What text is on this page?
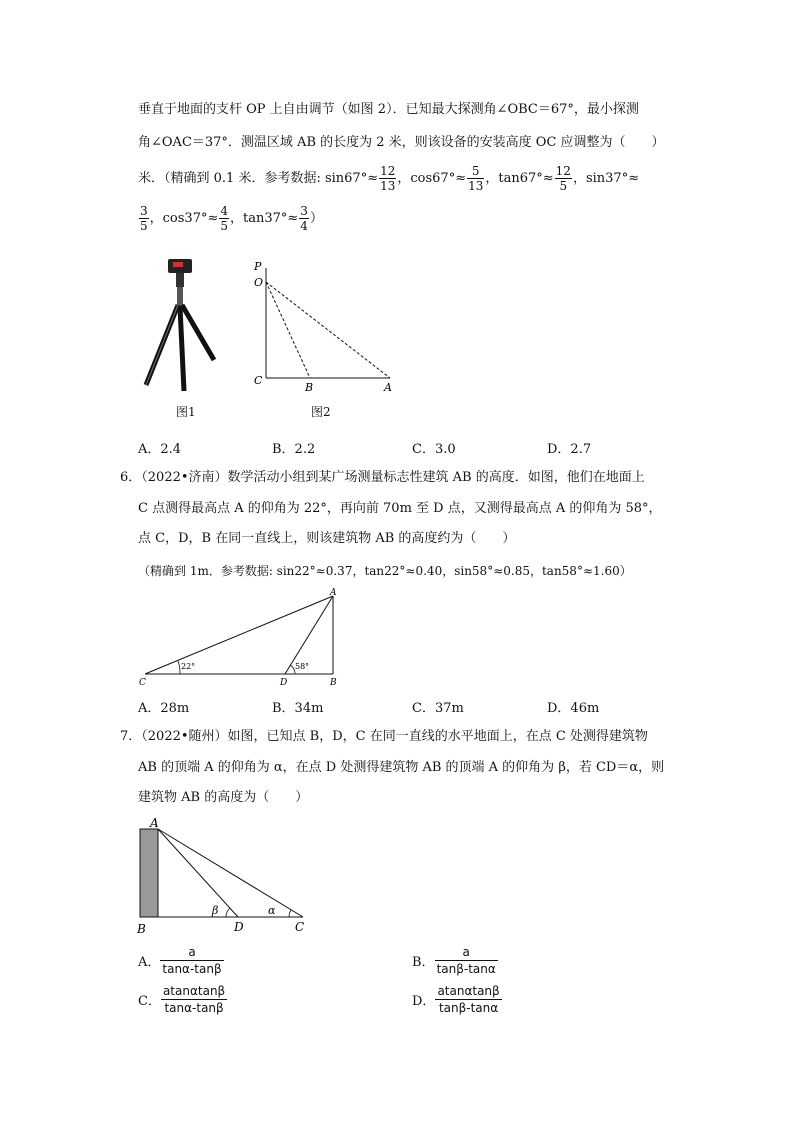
垂直于地面的支杆 OP 上自由调节（如图 2）．已知最大探测角∠OBC＝67°，最小探测
角∠OAC＝37°．测温区域 AB 的长度为 2 米，则该设备的安装高度 OC 应调整为（　　）
米．（精确到 0.1 米．参考数据: $\sin 67^\circ\approx \frac{12}{13}$ ，$\cos 67^\circ\approx \frac{5}{13}$ ，$\tan 67^\circ\approx \frac{12}{5}$ ，sin37°≈
$\frac{3}{5}$ ，$\cos 37^\circ\approx \frac{4}{5}$ ，$\tan 37^\circ\approx \frac{3}{4}$ ）
图1
P
O
C
B	A
图2
A．2.4	B．2.2	C．3.0	D．2.7
6．（2022•济南）数学活动小组到某广场测量标志性建筑 AB 的高度．如图，他们在地面上
C 点测得最高点 A 的仰角为 22°，再向前 70m 至 D 点，又测得最高点 A 的仰角为 58°，
点 C，D，B 在同一直线上，则该建筑物 AB 的高度约为（　　）
（精确到 1m．参考数据: sin22°≈0.37，tan22°≈0.40，sin58°≈0.85，tan58°≈1.60）
22°	58°
A
B
C	D
A．28m	B．34m	C．37m	D．46m
7．（2022•随州）如图，已知点 B，D，C 在同一直线的水平地面上，在点 C 处测得建筑物
AB 的顶端 A 的仰角为 α，在点 D 处测得建筑物 AB 的顶端 A 的仰角为 β，若 CD＝α，则
建筑物 AB 的高度为（　　）
β	α
A
B	D	C
A． $\frac{a}{\tan\alpha-\tan\beta}$	B． $\frac{a}{\tan\beta-\tan\alpha}$
C． $\frac{atan\alpha\tan\beta}{\tan\alpha-\tan\beta}$	D． $\frac{atan\alpha\tan\beta}{\tan\beta-\tan\alpha}$
